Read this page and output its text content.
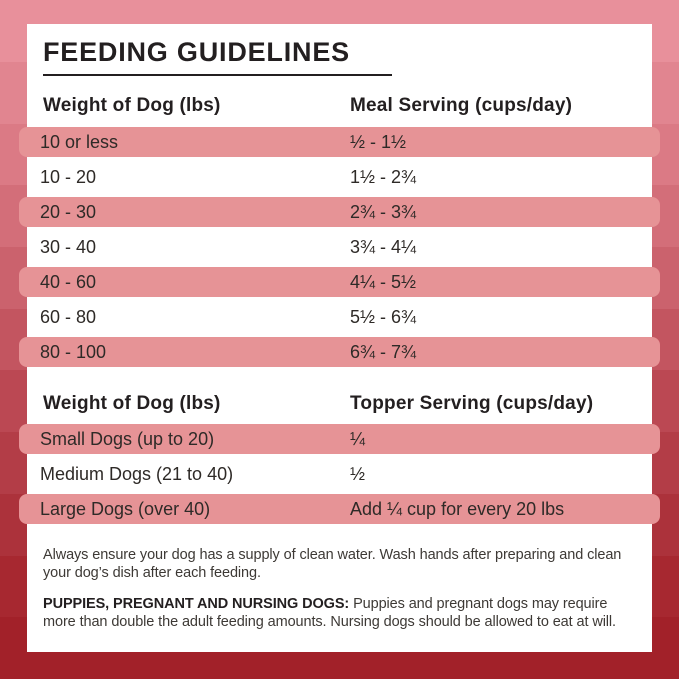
FEEDING GUIDELINES
Weight of Dog (lbs)	Meal Serving (cups/day)
10 or less	½ - 1½
10 - 20	1½ - 2¾
20 - 30	2¾ - 3¾
30 - 40	3¾ - 4¼
40 - 60	4¼ - 5½
60 - 80	5½ - 6¾
80 - 100	6¾ - 7¾
Weight of Dog (lbs)	Topper Serving (cups/day)
Small Dogs (up to 20)	¼
Medium Dogs (21 to 40)	½
Large Dogs (over 40)	Add ¼ cup for every 20 lbs

Always ensure your dog has a supply of clean water. Wash hands after preparing and clean your dog’s dish after each feeding.

PUPPIES, PREGNANT AND NURSING DOGS: Puppies and pregnant dogs may require more than double the adult feeding amounts. Nursing dogs should be allowed to eat at will.
